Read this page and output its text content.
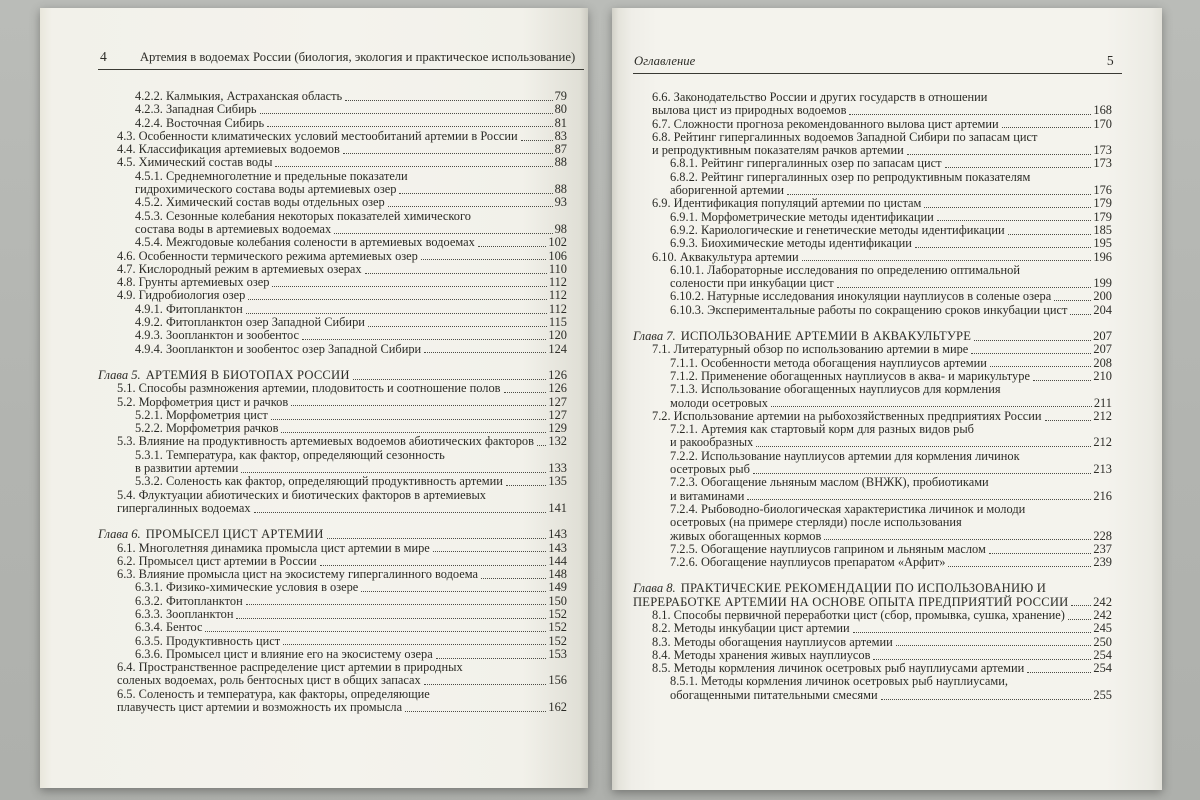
4	Артемия в водоемах России (биология, экология и практическое использование)
4.2.2. Калмыкия, Астраханская область	79
4.2.3. Западная Сибирь	80
4.2.4. Восточная Сибирь	81
4.3. Особенности климатических условий местообитаний артемии в России	83
4.4. Классификация артемиевых водоемов	87
4.5. Химический состав воды	88
4.5.1. Среднемноголетние и предельные показатели
гидрохимического состава воды артемиевых озер	88
4.5.2. Химический состав воды отдельных озер	93
4.5.3. Сезонные колебания некоторых показателей химического
состава воды в артемиевых водоемах	98
4.5.4. Межгодовые колебания солености в артемиевых водоемах	102
4.6. Особенности термического режима артемиевых озер	106
4.7. Кислородный режим в артемиевых озерах	110
4.8. Грунты артемиевых озер	112
4.9. Гидробиология озер	112
4.9.1. Фитопланктон	112
4.9.2. Фитопланктон озер Западной Сибири	115
4.9.3. Зоопланктон и зообентос	120
4.9.4. Зоопланктон и зообентос озер Западной Сибири	124
Глава 5. АРТЕМИЯ В БИОТОПАХ РОССИИ	126
5.1. Способы размножения артемии, плодовитость и соотношение полов	126
5.2. Морфометрия цист и рачков	127
5.2.1. Морфометрия цист	127
5.2.2. Морфометрия рачков	129
5.3. Влияние на продуктивность артемиевых водоемов абиотических факторов 132
5.3.1. Температура, как фактор, определяющий сезонность
в развитии артемии	133
5.3.2. Соленость как фактор, определяющий продуктивность артемии	135
5.4. Флуктуации абиотических и биотических факторов в артемиевых
гипергалинных водоемах	141
Глава 6. ПРОМЫСЕЛ ЦИСТ АРТЕМИИ	143
6.1. Многолетняя динамика промысла цист артемии в мире	143
6.2. Промысел цист артемии в России	144
6.3. Влияние промысла цист на экосистему гипергалинного водоема	148
6.3.1. Физико-химические условия в озере	149
6.3.2. Фитопланктон	150
6.3.3. Зоопланктон	152
6.3.4. Бентос	152
6.3.5. Продуктивность цист	152
6.3.6. Промысел цист и влияние его на экосистему озера	153
6.4. Пространственное распределение цист артемии в природных
соленых водоемах, роль бентосных цист в общих запасах	156
6.5. Соленость и температура, как факторы, определяющие
плавучесть цист артемии и возможность их промысла	162
Оглавление	5
6.6. Законодательство России и других государств в отношении
вылова цист из природных водоемов	168
6.7. Сложности прогноза рекомендованного вылова цист артемии	170
6.8. Рейтинг гипергалинных водоемов Западной Сибири по запасам цист
и репродуктивным показателям рачков артемии	173
6.8.1. Рейтинг гипергалинных озер по запасам цист	173
6.8.2. Рейтинг гипергалинных озер по репродуктивным показателям
аборигенной артемии	176
6.9. Идентификация популяций артемии по цистам	179
6.9.1. Морфометрические методы идентификации	179
6.9.2. Кариологические и генетические методы идентификации	185
6.9.3. Биохимические методы идентификации	195
6.10. Аквакультура артемии	196
6.10.1. Лабораторные исследования по определению оптимальной
солености при инкубации цист	199
6.10.2. Натурные исследования инокуляции науплиусов в соленые озера	200
6.10.3. Экспериментальные работы по сокращению сроков инкубации цист 204
Глава 7. ИСПОЛЬЗОВАНИЕ АРТЕМИИ В АКВАКУЛЬТУРЕ	207
7.1. Литературный обзор по использованию артемии в мире	207
7.1.1. Особенности метода обогащения науплиусов артемии	208
7.1.2. Применение обогащенных науплиусов в аква- и марикультуре	210
7.1.3. Использование обогащенных науплиусов для кормления
молоди осетровых	211
7.2. Использование артемии на рыбохозяйственных предприятиях России	212
7.2.1. Артемия как стартовый корм для разных видов рыб
и ракообразных	212
7.2.2. Использование науплиусов артемии для кормления личинок
осетровых рыб	213
7.2.3. Обогащение льняным маслом (ВНЖК), пробиотиками
и витаминами	216
7.2.4. Рыбоводно-биологическая характеристика личинок и молоди
осетровых (на примере стерляди) после использования
живых обогащенных кормов	228
7.2.5. Обогащение науплиусов гаприном и льняным маслом	237
7.2.6. Обогащение науплиусов препаратом «Арфит»	239
Глава 8. ПРАКТИЧЕСКИЕ РЕКОМЕНДАЦИИ ПО ИСПОЛЬЗОВАНИЮ И
ПЕРЕРАБОТКЕ АРТЕМИИ НА ОСНОВЕ ОПЫТА ПРЕДПРИЯТИЙ РОССИИ 242
8.1. Способы первичной переработки цист (сбор, промывка, сушка, хранение) 242
8.2. Методы инкубации цист артемии	245
8.3. Методы обогащения науплиусов артемии	250
8.4. Методы хранения живых науплиусов	254
8.5. Методы кормления личинок осетровых рыб науплиусами артемии	254
8.5.1. Методы кормления личинок осетровых рыб науплиусами,
обогащенными питательными смесями	255
